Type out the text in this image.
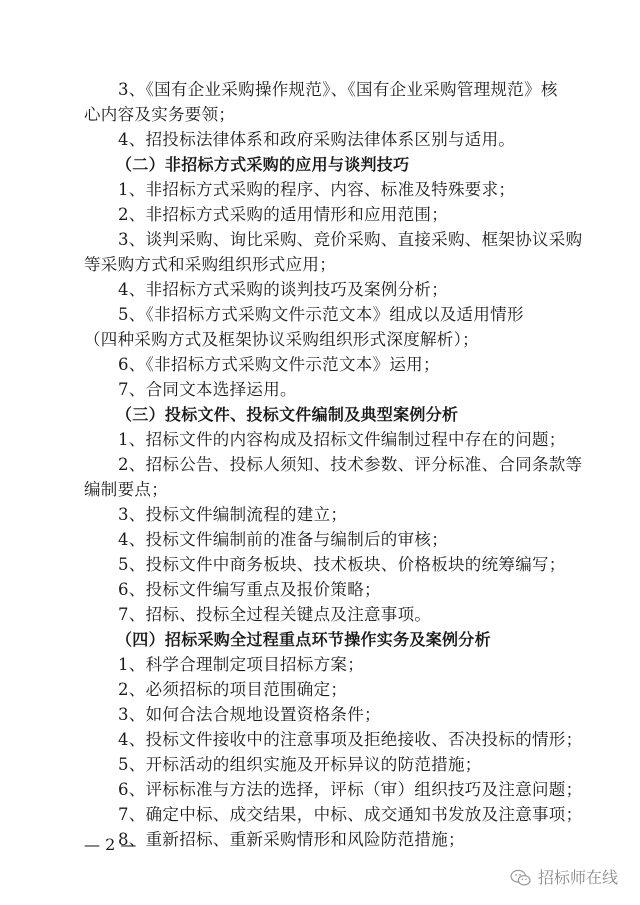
3、《国有企业采购操作规范》、《国有企业采购管理规范》核
心内容及实务要领；
4、招投标法律体系和政府采购法律体系区别与适用。
（二）非招标方式采购的应用与谈判技巧
1、非招标方式采购的程序、内容、标准及特殊要求；
2、非招标方式采购的适用情形和应用范围；
3、谈判采购、询比采购、竞价采购、直接采购、框架协议采购
等采购方式和采购组织形式应用；
4、非招标方式采购的谈判技巧及案例分析；
5、《非招标方式采购文件示范文本》组成以及适用情形
（四种采购方式及框架协议采购组织形式深度解析）；
6、《非招标方式采购文件示范文本》运用；
7、合同文本选择运用。
（三）投标文件、投标文件编制及典型案例分析
1、招标文件的内容构成及招标文件编制过程中存在的问题；
2、招标公告、投标人须知、技术参数、评分标准、合同条款等
编制要点；
3、投标文件编制流程的建立；
4、投标文件编制前的准备与编制后的审核；
5、投标文件中商务板块、技术板块、价格板块的统筹编写；
6、投标文件编写重点及报价策略；
7、招标、投标全过程关键点及注意事项。
（四）招标采购全过程重点环节操作实务及案例分析
1、科学合理制定项目招标方案；
2、必须招标的项目范围确定；
3、如何合法合规地设置资格条件；
4、投标文件接收中的注意事项及拒绝接收、否决投标的情形；
5、开标活动的组织实施及开标异议的防范措施；
6、评标标准与方法的选择，评标（审）组织技巧及注意问题；
7、确定中标、成交结果，中标、成交通知书发放及注意事项；
8、重新招标、重新采购情形和风险防范措施；
— 2 —
招标师在线
